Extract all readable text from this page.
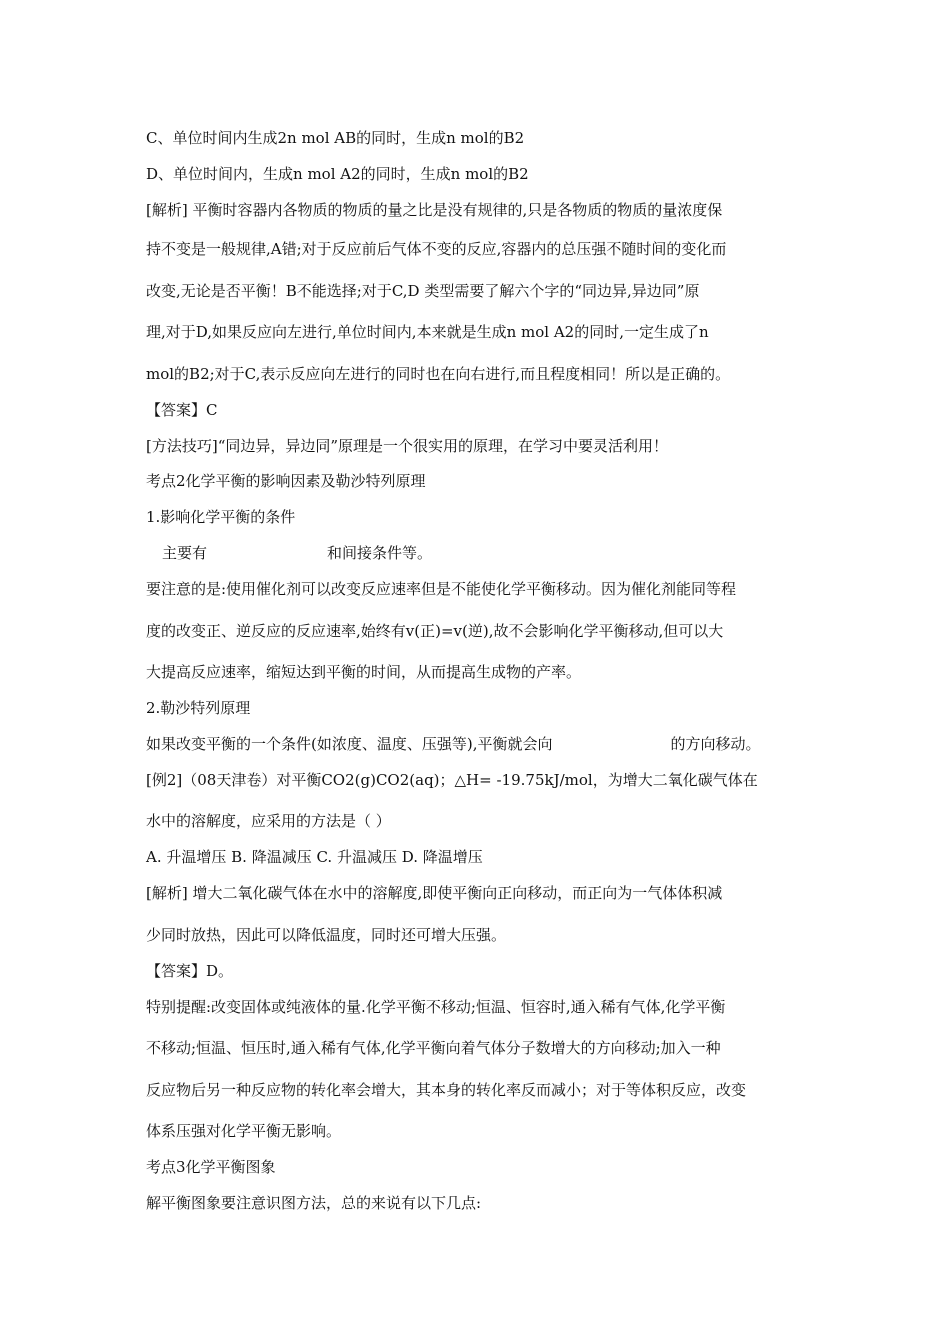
C、单位时间内生成2n mol AB的同时，生成n mol的B2
D、单位时间内，生成n mol A2的同时，生成n mol的B2
[解析] 平衡时容器内各物质的物质的量之比是没有规律的,只是各物质的物质的量浓度保
持不变是一般规律,A错;对于反应前后气体不变的反应,容器内的总压强不随时间的变化而
改变,无论是否平衡！B不能选择;对于C,D 类型需要了解六个字的“同边异,异边同”原
理,对于D,如果反应向左进行,单位时间内,本来就是生成n mol A2的同时,一定生成了n
mol的B2;对于C,表示反应向左进行的同时也在向右进行,而且程度相同！所以是正确的。
【答案】C
[方法技巧]“同边异，异边同”原理是一个很实用的原理，在学习中要灵活利用！
考点2化学平衡的影响因素及勒沙特列原理
1.影响化学平衡的条件
主要有	和间接条件等。
要注意的是:使用催化剂可以改变反应速率但是不能使化学平衡移动。因为催化剂能同等程
度的改变正、逆反应的反应速率,始终有v(正)=v(逆),故不会影响化学平衡移动,但可以大
大提高反应速率，缩短达到平衡的时间，从而提高生成物的产率。
2.勒沙特列原理
如果改变平衡的一个条件(如浓度、温度、压强等),平衡就会向	的方向移动。
[例2]（08天津卷）对平衡CO2(g)CO2(aq)；△H= -19.75kJ/mol，为增大二氧化碳气体在
水中的溶解度，应采用的方法是（ ）
A. 升温增压 B. 降温减压 C. 升温减压 D. 降温增压
[解析] 增大二氧化碳气体在水中的溶解度,即使平衡向正向移动，而正向为一气体体积减
少同时放热，因此可以降低温度，同时还可增大压强。
【答案】D。
特别提醒:改变固体或纯液体的量.化学平衡不移动;恒温、恒容时,通入稀有气体,化学平衡
不移动;恒温、恒压时,通入稀有气体,化学平衡向着气体分子数增大的方向移动;加入一种
反应物后另一种反应物的转化率会增大，其本身的转化率反而减小；对于等体积反应，改变
体系压强对化学平衡无影响。
考点3化学平衡图象
解平衡图象要注意识图方法，总的来说有以下几点:
